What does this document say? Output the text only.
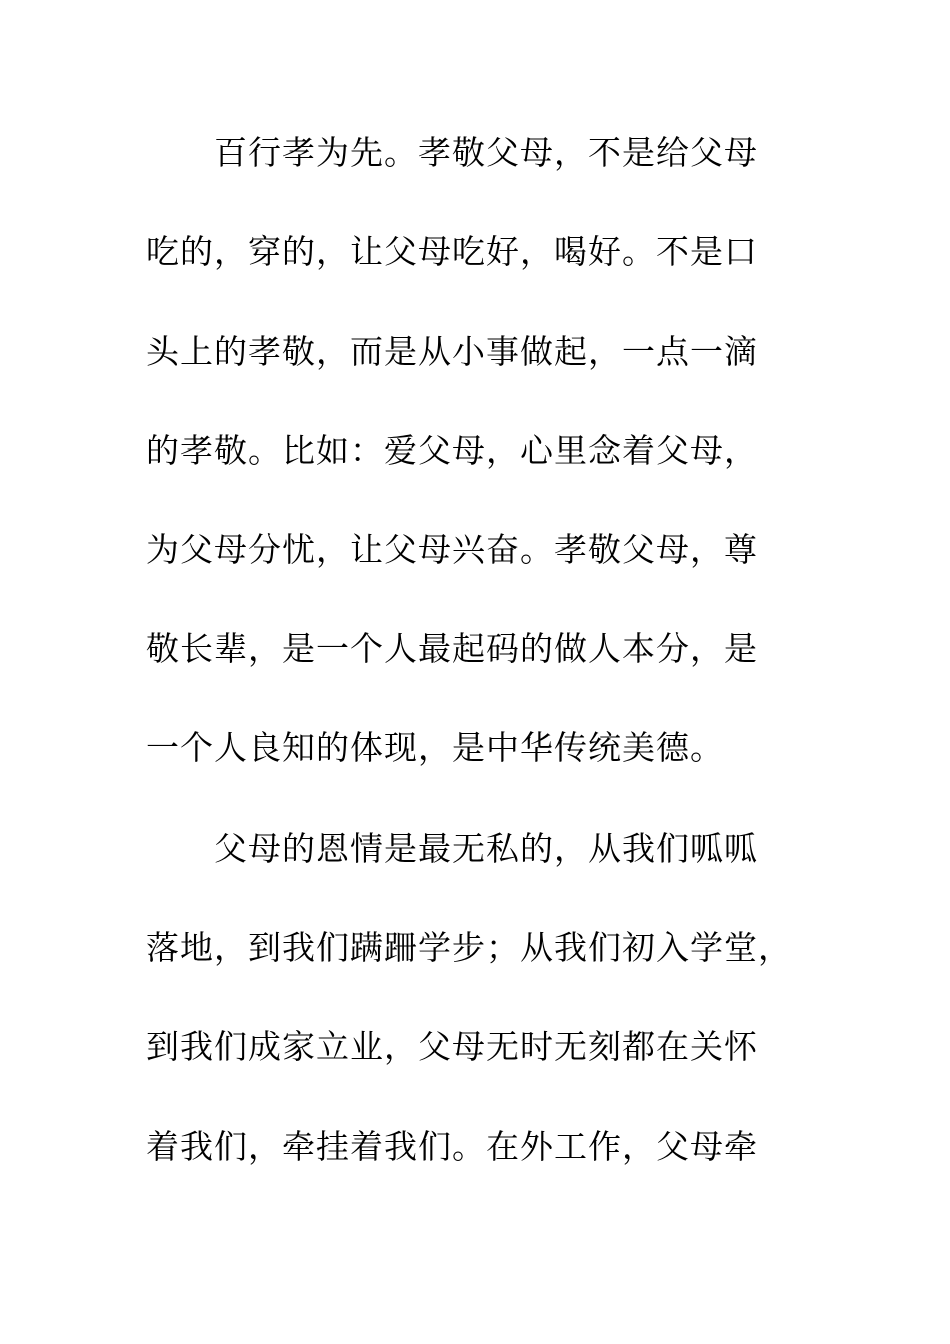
百行孝为先。孝敬父母，不是给父母
吃的，穿的，让父母吃好，喝好。不是口
头上的孝敬，而是从小事做起，一点一滴
的孝敬。比如：爱父母，心里念着父母，
为父母分忧，让父母兴奋。孝敬父母，尊
敬长辈，是一个人最起码的做人本分，是
一个人良知的体现，是中华传统美德。
父母的恩情是最无私的，从我们呱呱
落地，到我们蹒跚学步；从我们初入学堂，
到我们成家立业，父母无时无刻都在关怀
着我们，牵挂着我们。在外工作，父母牵
